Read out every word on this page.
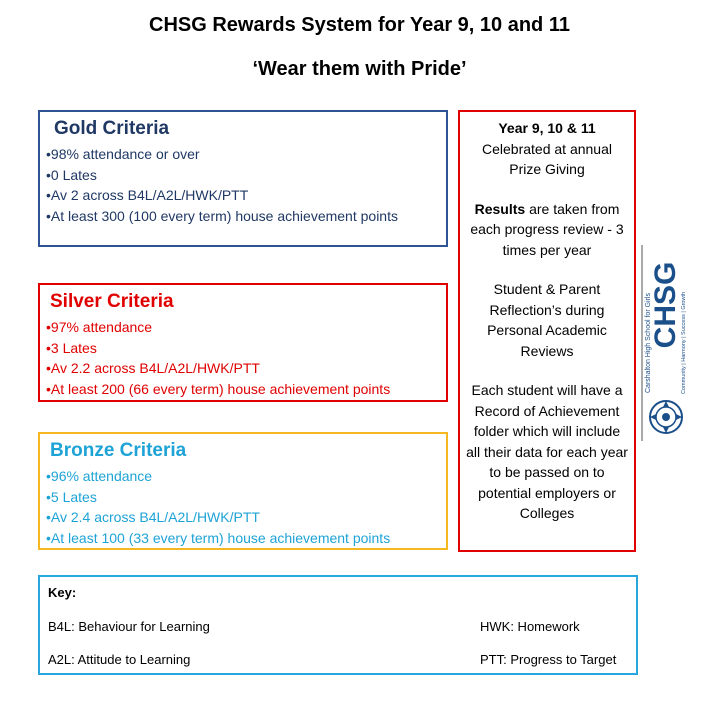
CHSG Rewards System for Year 9, 10 and 11
‘Wear them with Pride’
Gold Criteria
•98% attendance or over
•0 Lates
•Av 2 across B4L/A2L/HWK/PTT
•At least 300 (100 every term) house achievement points
Silver Criteria
•97% attendance
•3 Lates
•Av 2.2 across B4L/A2L/HWK/PTT
•At least 200 (66 every term) house achievement points
Bronze Criteria
•96% attendance
•5 Lates
•Av 2.4 across B4L/A2L/HWK/PTT
•At least 100 (33 every term) house achievement points

Year 9, 10 & 11

Celebrated at annual Prize Giving

Results are taken from each progress review - 3 times per year

Student & Parent Reflection’s during Personal Academic Reviews

Each student will have a Record of Achievement folder which will include all their data for each year to be passed on to potential employers or Colleges

Carshalton High School for Girls
CHSG Community | Harmony | Success | Growth
Key:
B4L: Behaviour for Learning
A2L: Attitude to Learning
HWK: Homework
PTT: Progress to Target
